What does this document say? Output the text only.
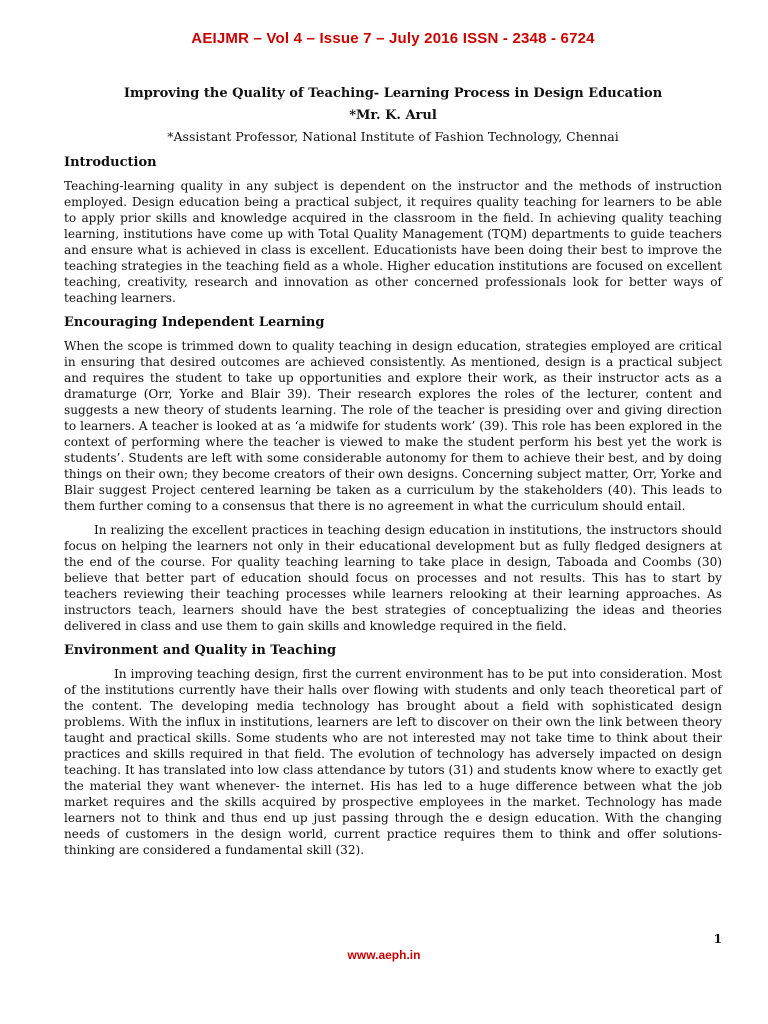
AEIJMR – Vol 4 – Issue 7 – July 2016 ISSN - 2348 - 6724
Improving the Quality of Teaching- Learning Process in Design Education
*Mr. K. Arul
*Assistant Professor, National Institute of Fashion Technology, Chennai
Introduction

Teaching-learning quality in any subject is dependent on the instructor and the methods of instruction employed. Design education being a practical subject, it requires quality teaching for learners to be able to apply prior skills and knowledge acquired in the classroom in the field. In achieving quality teaching learning, institutions have come up with Total Quality Management (TQM) departments to guide teachers and ensure what is achieved in class is excellent. Educationists have been doing their best to improve the teaching strategies in the teaching field as a whole. Higher education institutions are focused on excellent teaching, creativity, research and innovation as other concerned professionals look for better ways of teaching learners.

Encouraging Independent Learning

When the scope is trimmed down to quality teaching in design education, strategies employed are critical in ensuring that desired outcomes are achieved consistently. As mentioned, design is a practical subject and requires the student to take up opportunities and explore their work, as their instructor acts as a dramaturge (Orr, Yorke and Blair 39). Their research explores the roles of the lecturer, content and suggests a new theory of students learning. The role of the teacher is presiding over and giving direction to learners. A teacher is looked at as ‘a midwife for students work’ (39). This role has been explored in the context of performing where the teacher is viewed to make the student perform his best yet the work is students’. Students are left with some considerable autonomy for them to achieve their best, and by doing things on their own; they become creators of their own designs. Concerning subject matter, Orr, Yorke and Blair suggest Project centered learning be taken as a curriculum by the stakeholders (40). This leads to them further coming to a consensus that there is no agreement in what the curriculum should entail.

In realizing the excellent practices in teaching design education in institutions, the instructors should focus on helping the learners not only in their educational development but as fully fledged designers at the end of the course. For quality teaching learning to take place in design, Taboada and Coombs (30) believe that better part of education should focus on processes and not results. This has to start by teachers reviewing their teaching processes while learners relooking at their learning approaches. As instructors teach, learners should have the best strategies of conceptualizing the ideas and theories delivered in class and use them to gain skills and knowledge required in the field.

Environment and Quality in Teaching

In improving teaching design, first the current environment has to be put into consideration. Most of the institutions currently have their halls over flowing with students and only teach theoretical part of the content. The developing media technology has brought about a field with sophisticated design problems. With the influx in institutions, learners are left to discover on their own the link between theory taught and practical skills. Some students who are not interested may not take time to think about their practices and skills required in that field. The evolution of technology has adversely impacted on design teaching. It has translated into low class attendance by tutors (31) and students know where to exactly get the material they want whenever- the internet. His has led to a huge difference between what the job market requires and the skills acquired by prospective employees in the market. Technology has made learners not to think and thus end up just passing through the e design education. With the changing needs of customers in the design world, current practice requires them to think and offer solutions- thinking are considered a fundamental skill (32).

1
www.aeph.in
